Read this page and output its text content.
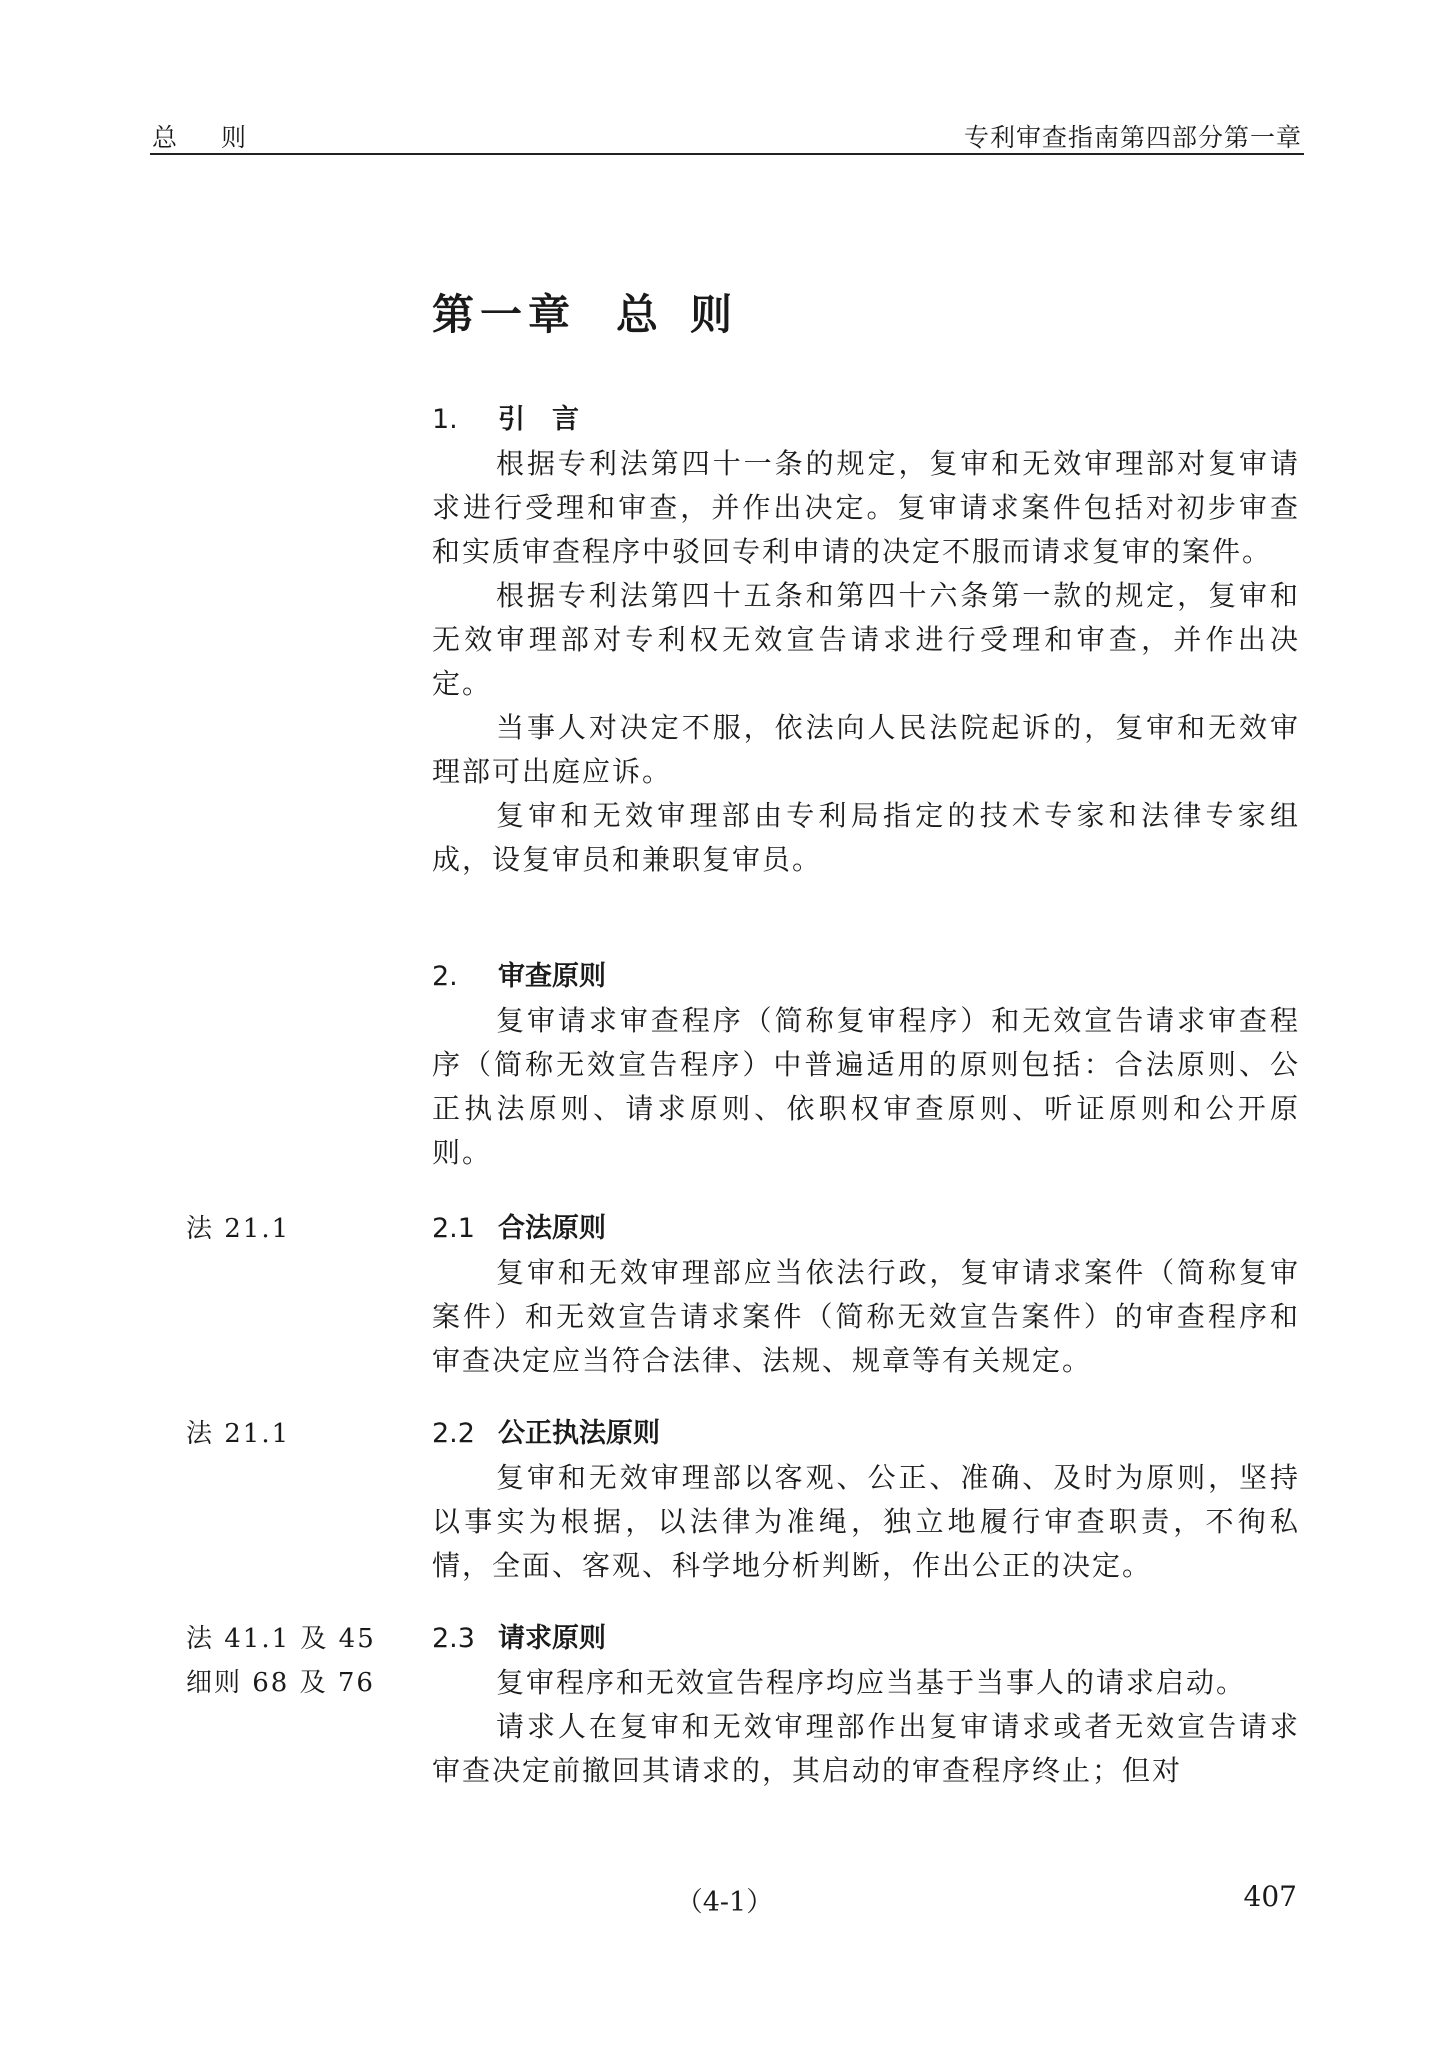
总 则	专利审查指南第四部分第一章
第一章 总 则
1. 引　言

根据专利法第四十一条的规定，复审和无效审理部对复审请求进行受理和审查，并作出决定。复审请求案件包括对初步审查和实质审查程序中驳回专利申请的决定不服而请求复审的案件。

根据专利法第四十五条和第四十六条第一款的规定，复审和无效审理部对专利权无效宣告请求进行受理和审查，并作出决定。

当事人对决定不服，依法向人民法院起诉的，复审和无效审理部可出庭应诉。

复审和无效审理部由专利局指定的技术专家和法律专家组成，设复审员和兼职复审员。

2. 审查原则

复审请求审查程序（简称复审程序）和无效宣告请求审查程序（简称无效宣告程序）中普遍适用的原则包括：合法原则、公正执法原则、请求原则、依职权审查原则、听证原则和公开原则。

法 21.1	2.1 合法原则

复审和无效审理部应当依法行政，复审请求案件（简称复审案件）和无效宣告请求案件（简称无效宣告案件）的审查程序和审查决定应当符合法律、法规、规章等有关规定。

法 21.1	2.2 公正执法原则

复审和无效审理部以客观、公正、准确、及时为原则，坚持以事实为根据，以法律为准绳，独立地履行审查职责，不徇私情，全面、客观、科学地分析判断，作出公正的决定。

法 41.1 及 45
细则 68 及 76
2.3 请求原则

复审程序和无效宣告程序均应当基于当事人的请求启动。

请求人在复审和无效审理部作出复审请求或者无效宣告请求审查决定前撤回其请求的，其启动的审查程序终止；但对

（4-1）	407
